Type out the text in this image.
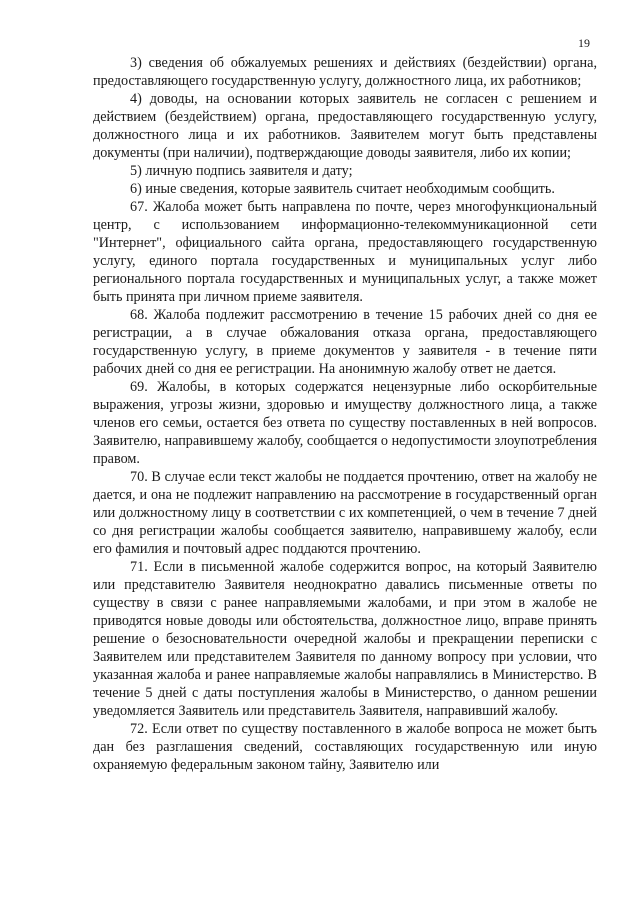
19

3) сведения об обжалуемых решениях и действиях (бездействии) органа, предоставляющего государственную услугу, должностного лица, их работников;

4) доводы, на основании которых заявитель не согласен с решением и действием (бездействием) органа, предоставляющего государственную услугу, должностного лица и их работников. Заявителем могут быть представлены документы (при наличии), подтверждающие доводы заявителя, либо их копии;

5) личную подпись заявителя и дату;

6) иные сведения, которые заявитель считает необходимым сообщить.

67. Жалоба может быть направлена по почте, через многофункциональный центр, с использованием информационно-телекоммуникационной сети "Интернет", официального сайта органа, предоставляющего государственную услугу, единого портала государственных и муниципальных услуг либо регионального портала государственных и муниципальных услуг, а также может быть принята при личном приеме заявителя.

68. Жалоба подлежит рассмотрению в течение 15 рабочих дней со дня ее регистрации, а в случае обжалования отказа органа, предоставляющего государственную услугу, в приеме документов у заявителя - в течение пяти рабочих дней со дня ее регистрации. На анонимную жалобу ответ не дается.

69. Жалобы, в которых содержатся нецензурные либо оскорбительные выражения, угрозы жизни, здоровью и имуществу должностного лица, а также членов его семьи, остается без ответа по существу поставленных в ней вопросов. Заявителю, направившему жалобу, сообщается о недопустимости злоупотребления правом.

70. В случае если текст жалобы не поддается прочтению, ответ на жалобу не дается, и она не подлежит направлению на рассмотрение в государственный орган или должностному лицу в соответствии с их компетенцией, о чем в течение 7 дней со дня регистрации жалобы сообщается заявителю, направившему жалобу, если его фамилия и почтовый адрес поддаются прочтению.

71. Если в письменной жалобе содержится вопрос, на который Заявителю или представителю Заявителя неоднократно давались письменные ответы по существу в связи с ранее направляемыми жалобами, и при этом в жалобе не приводятся новые доводы или обстоятельства, должностное лицо, вправе принять решение о безосновательности очередной жалобы и прекращении переписки с Заявителем или представителем Заявителя по данному вопросу при условии, что указанная жалоба и ранее направляемые жалобы направлялись в Министерство. В течение 5 дней с даты поступления жалобы в Министерство, о данном решении уведомляется Заявитель или представитель Заявителя, направивший жалобу.

72. Если ответ по существу поставленного в жалобе вопроса не может быть дан без разглашения сведений, составляющих государственную или иную охраняемую федеральным законом тайну, Заявителю или
